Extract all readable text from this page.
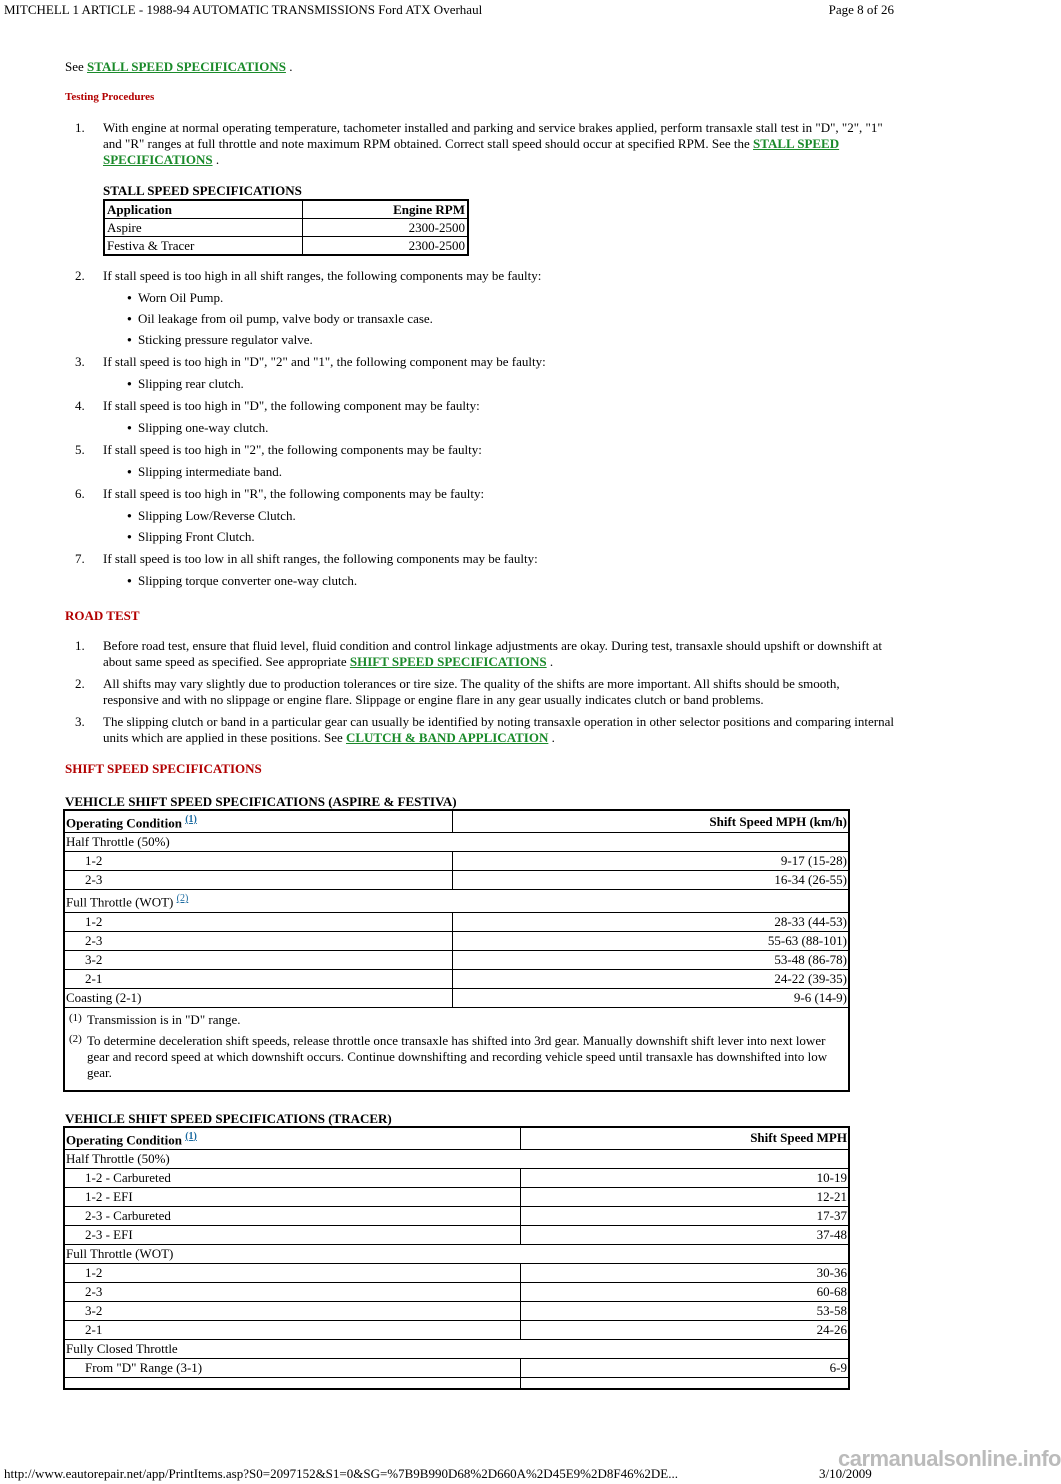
MITCHELL 1 ARTICLE - 1988-94 AUTOMATIC TRANSMISSIONS Ford ATX Overhaul	Page 8 of 26

See STALL SPEED SPECIFICATIONS .

Testing Procedures

1. With engine at normal operating temperature, tachometer installed and parking and service brakes applied, perform transaxle stall test in "D", "2", "1" and "R" ranges at full throttle and note maximum RPM obtained. Correct stall speed should occur at specified RPM. See the STALL SPEED SPECIFICATIONS .

STALL SPEED SPECIFICATIONS

Application	Engine RPM
Aspire	2300-2500
Festiva & Tracer	2300-2500
2. If stall speed is too high in all shift ranges, the following components may be faulty:
● Worn Oil Pump.
● Oil leakage from oil pump, valve body or transaxle case.
● Sticking pressure regulator valve.
3. If stall speed is too high in "D", "2" and "1", the following component may be faulty:
● Slipping rear clutch.
4. If stall speed is too high in "D", the following component may be faulty:
● Slipping one-way clutch.
5. If stall speed is too high in "2", the following components may be faulty:
● Slipping intermediate band.
6. If stall speed is too high in "R", the following components may be faulty:
● Slipping Low/Reverse Clutch.
● Slipping Front Clutch.
7. If stall speed is too low in all shift ranges, the following components may be faulty:
● Slipping torque converter one-way clutch.

ROAD TEST

1. Before road test, ensure that fluid level, fluid condition and control linkage adjustments are okay. During test, transaxle should upshift or downshift at about same speed as specified. See appropriate SHIFT SPEED SPECIFICATIONS .
2. All shifts may vary slightly due to production tolerances or tire size. The quality of the shifts are more important. All shifts should be smooth, responsive and with no slippage or engine flare. Slippage or engine flare in any gear usually indicates clutch or band problems.
3. The slipping clutch or band in a particular gear can usually be identified by noting transaxle operation in other selector positions and comparing internal units which are applied in these positions. See CLUTCH & BAND APPLICATION .

SHIFT SPEED SPECIFICATIONS

VEHICLE SHIFT SPEED SPECIFICATIONS (ASPIRE & FESTIVA)

Operating Condition $^{(1)}$	Shift Speed MPH (km/h)
Half Throttle (50%)	
1-2	9-17 (15-28)
2-3	16-34 (26-55)
Full Throttle (WOT) $^{(2)}$
1-2	28-33 (44-53)
2-3	55-63 (88-101)
3-2	53-48 (86-78)
2-1	24-22 (39-35)
Coasting (2-1)	9-6 (14-9)

(1) Transmission is in "D" range.
(2) To determine deceleration shift speeds, release throttle once transaxle has shifted into 3rd gear. Manually downshift shift lever into next lower gear and record speed at which downshift occurs. Continue downshifting and recording vehicle speed until transaxle has downshifted into low gear.	

VEHICLE SHIFT SPEED SPECIFICATIONS (TRACER)

Operating Condition $^{(1)}$	Shift Speed MPH
Half Throttle (50%)	
1-2 - Carbureted	10-19
1-2 - EFI	12-21
2-3 - Carbureted	17-37
2-3 - EFI	37-48
Full Throttle (WOT)	
1-2	30-36
2-3	60-68
3-2	53-58
2-1	24-26
Fully Closed Throttle	
From "D" Range (3-1)	6-9

carmanualsonline.info
http://www.eautorepair.net/app/PrintItems.asp?S0=2097152&S1=0&SG=%7B9B990D68%2D660A%2D45E9%2D8F46%2DE...	3/10/2009
